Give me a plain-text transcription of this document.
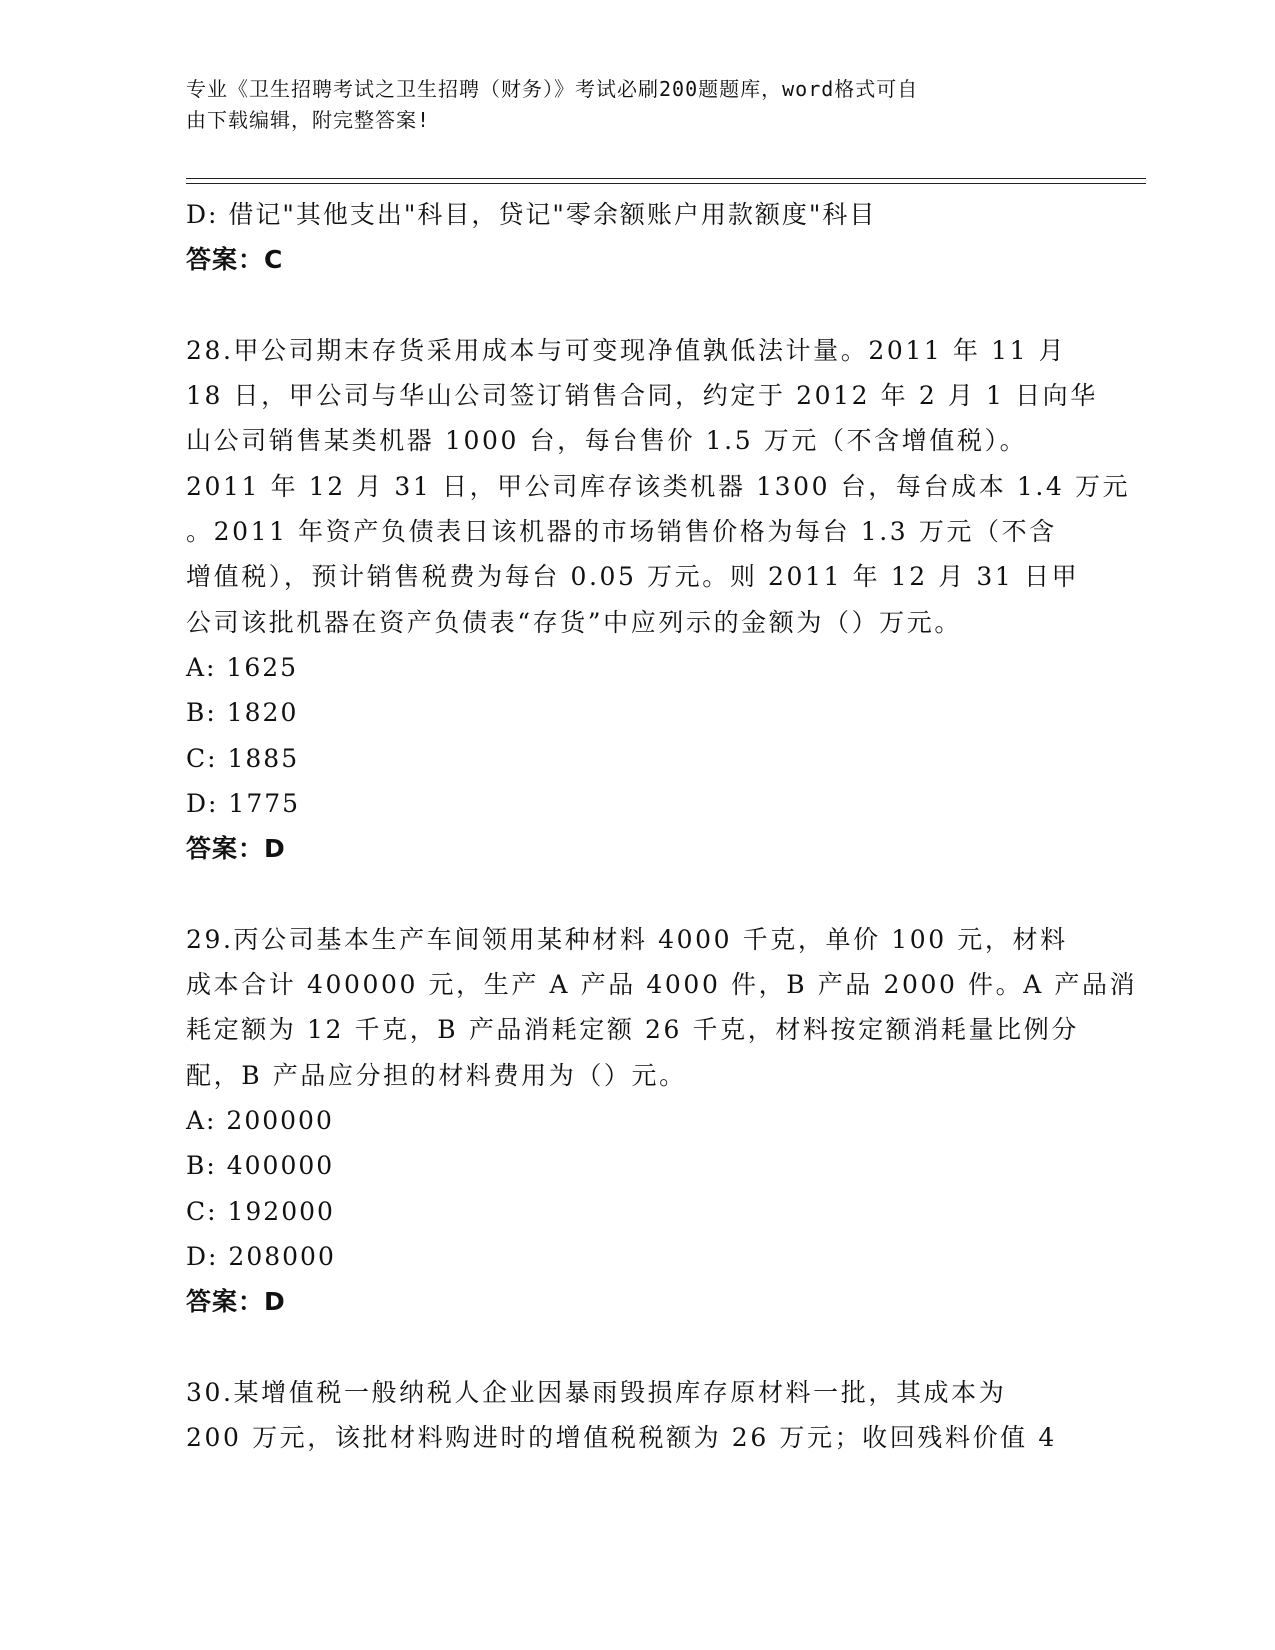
专业《卫生招聘考试之卫生招聘（财务）》考试必刷200题题库，word格式可自
由下载编辑，附完整答案!
D: 借记"其他支出"科目，贷记"零余额账户用款额度"科目
答案：C
28.甲公司期末存货采用成本与可变现净值孰低法计量。2011 年 11 月
18 日，甲公司与华山公司签订销售合同，约定于 2012 年 2 月 1 日向华
山公司销售某类机器 1000 台，每台售价 1.5 万元（不含增值税）。
2011 年 12 月 31 日，甲公司库存该类机器 1300 台，每台成本 1.4 万元
。2011 年资产负债表日该机器的市场销售价格为每台 1.3 万元（不含
增值税），预计销售税费为每台 0.05 万元。则 2011 年 12 月 31 日甲
公司该批机器在资产负债表“存货”中应列示的金额为（）万元。
A: 1625
B: 1820
C: 1885
D: 1775
答案：D
29.丙公司基本生产车间领用某种材料 4000 千克，单价 100 元，材料
成本合计 400000 元，生产 A 产品 4000 件，B 产品 2000 件。A 产品消
耗定额为 12 千克，B 产品消耗定额 26 千克，材料按定额消耗量比例分
配，B 产品应分担的材料费用为（）元。
A: 200000
B: 400000
C: 192000
D: 208000
答案：D
30.某增值税一般纳税人企业因暴雨毁损库存原材料一批，其成本为
200 万元，该批材料购进时的增值税税额为 26 万元；收回残料价值 4
